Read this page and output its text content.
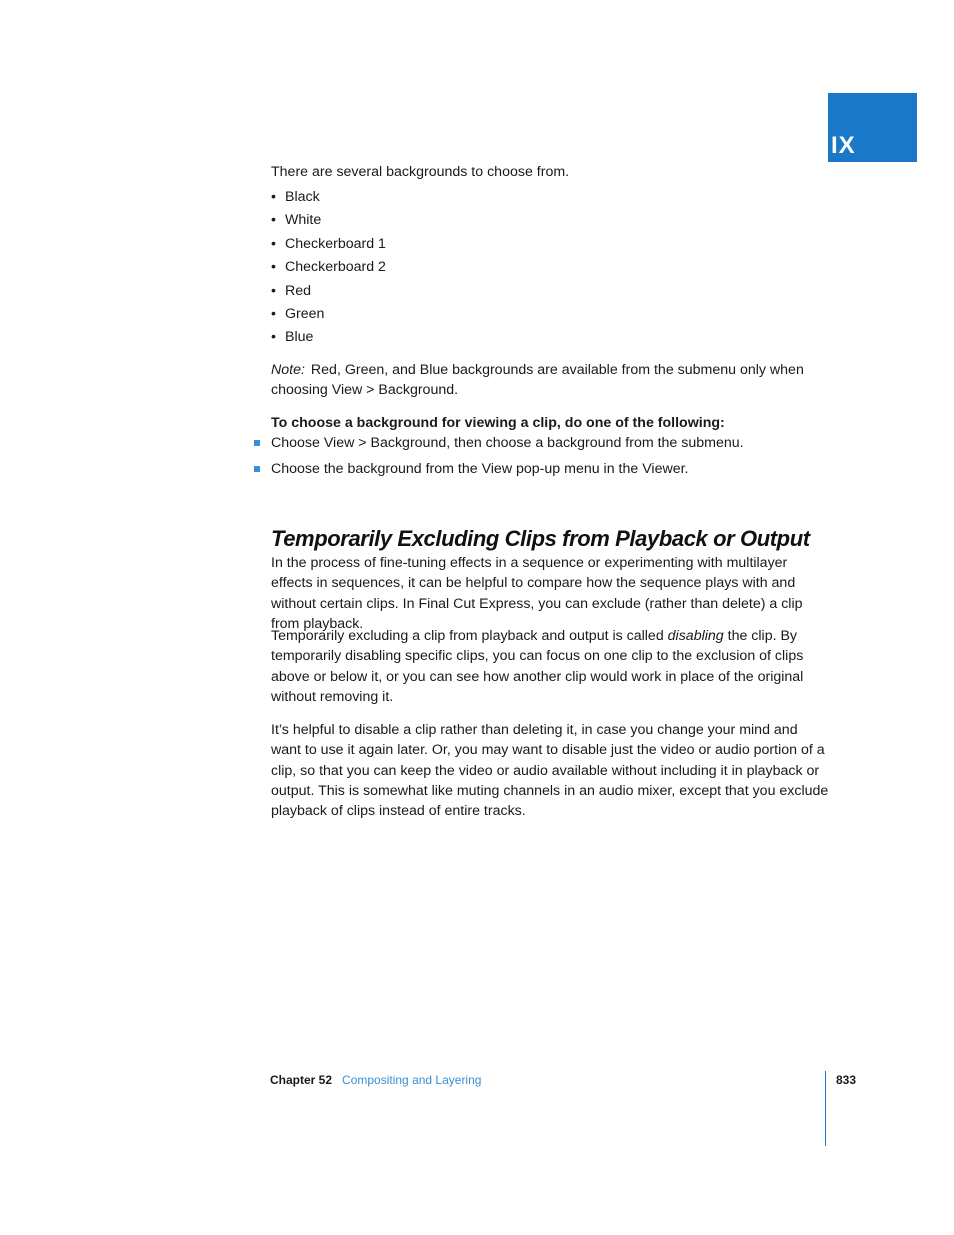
IX

There are several backgrounds to choose from.

• Black
• White
• Checkerboard 1
• Checkerboard 2
• Red
• Green
• Blue

Note: Red, Green, and Blue backgrounds are available from the submenu only when choosing View > Background.

To choose a background for viewing a clip, do one of the following:
Choose View > Background, then choose a background from the submenu.
Choose the background from the View pop-up menu in the Viewer.
Temporarily Excluding Clips from Playback or Output

In the process of fine-tuning effects in a sequence or experimenting with multilayer effects in sequences, it can be helpful to compare how the sequence plays with and without certain clips. In Final Cut Express, you can exclude (rather than delete) a clip from playback.

Temporarily excluding a clip from playback and output is called disabling the clip. By temporarily disabling specific clips, you can focus on one clip to the exclusion of clips above or below it, or you can see how another clip would work in place of the original without removing it.

It’s helpful to disable a clip rather than deleting it, in case you change your mind and want to use it again later. Or, you may want to disable just the video or audio portion of a clip, so that you can keep the video or audio available without including it in playback or output. This is somewhat like muting channels in an audio mixer, except that you exclude playback of clips instead of entire tracks.

Chapter 52 Compositing and Layering	833
